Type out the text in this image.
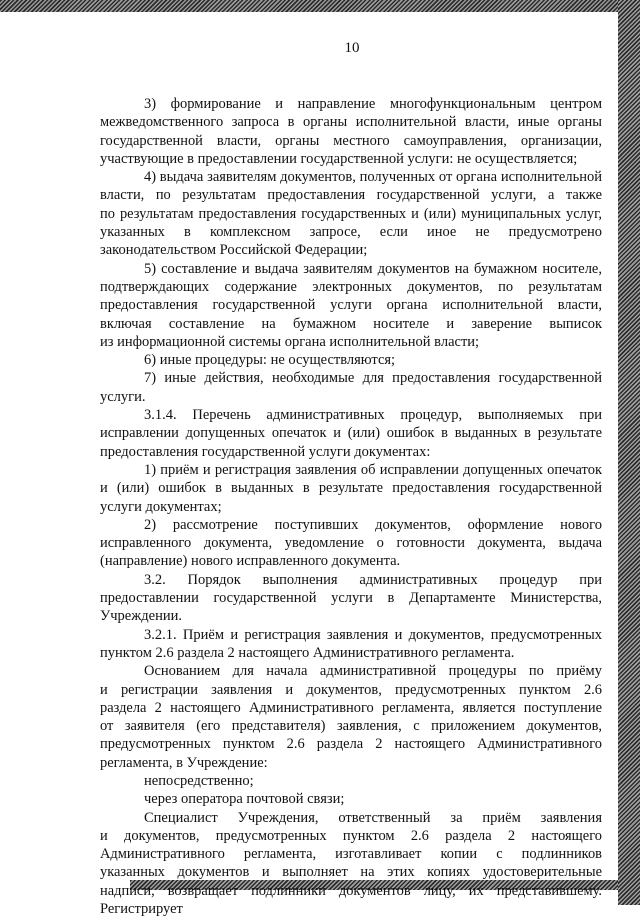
10
3) формирование и направление многофункциональным центром
межведомственного запроса в органы исполнительной власти, иные органы
государственной власти, органы местного самоуправления, организации,
участвующие в предоставлении государственной услуги: не осуществляется;
4) выдача заявителям документов, полученных от органа исполнительной
власти, по результатам предоставления государственной услуги, а также
по результатам предоставления государственных и (или) муниципальных услуг,
указанных в комплексном запросе, если иное не предусмотрено
законодательством Российской Федерации;
5) составление и выдача заявителям документов на бумажном носителе,
подтверждающих содержание электронных документов, по результатам
предоставления государственной услуги органа исполнительной власти,
включая составление на бумажном носителе и заверение выписок
из информационной системы органа исполнительной власти;
6) иные процедуры: не осуществляются;
7) иные действия, необходимые для предоставления государственной
услуги.
3.1.4. Перечень административных процедур, выполняемых при
исправлении допущенных опечаток и (или) ошибок в выданных в результате
предоставления государственной услуги документах:
1) приём и регистрация заявления об исправлении допущенных опечаток
и (или) ошибок в выданных в результате предоставления государственной
услуги документах;
2) рассмотрение поступивших документов, оформление нового
исправленного документа, уведомление о готовности документа, выдача
(направление) нового исправленного документа.
3.2. Порядок выполнения административных процедур при
предоставлении государственной услуги в Департаменте Министерства,
Учреждении.
3.2.1. Приём и регистрация заявления и документов, предусмотренных
пунктом 2.6 раздела 2 настоящего Административного регламента.
Основанием для начала административной процедуры по приёму
и регистрации заявления и документов, предусмотренных пунктом 2.6
раздела 2 настоящего Административного регламента, является поступление
от заявителя (его представителя) заявления, с приложением документов,
предусмотренных пунктом 2.6 раздела 2 настоящего Административного
регламента, в Учреждение:
непосредственно;
через оператора почтовой связи;
Специалист Учреждения, ответственный за приём заявления
и документов, предусмотренных пунктом 2.6 раздела 2 настоящего
Административного регламента, изготавливает копии с подлинников
указанных документов и выполняет на этих копиях удостоверительные
надписи, возвращает подлинники документов лицу, их представившему.
Регистрирует
